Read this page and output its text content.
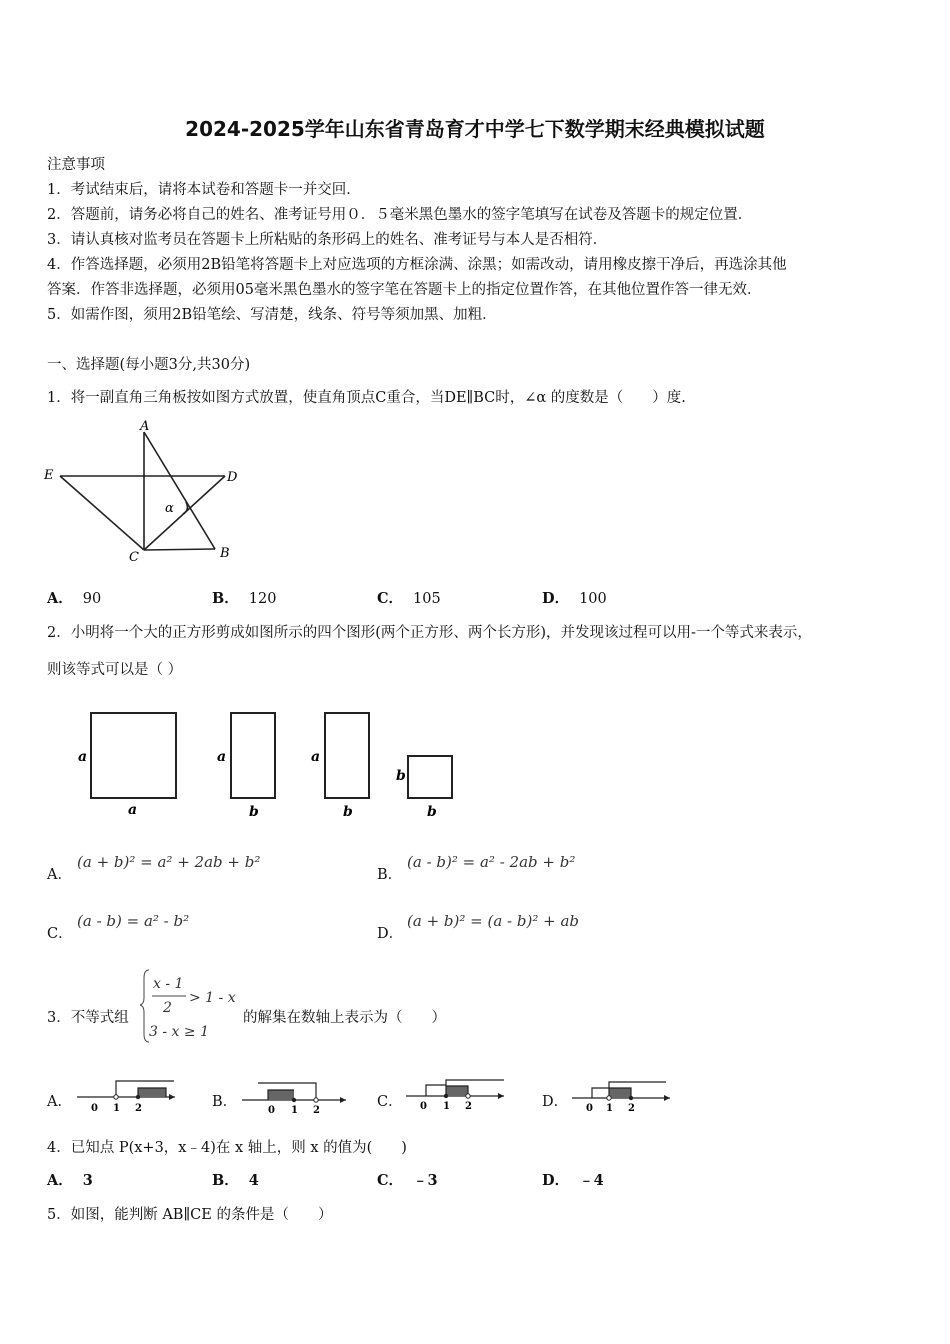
2024-2025学年山东省青岛育才中学七下数学期末经典模拟试题
注意事项
1．考试结束后，请将本试卷和答题卡一并交回．
2．答题前，请务必将自己的姓名、准考证号用０．５毫米黑色墨水的签字笔填写在试卷及答题卡的规定位置．
3．请认真核对监考员在答题卡上所粘贴的条形码上的姓名、准考证号与本人是否相符．
4．作答选择题，必须用2B铅笔将答题卡上对应选项的方框涂满、涂黑；如需改动，请用橡皮擦干净后，再选涂其他
答案．作答非选择题，必须用05毫米黑色墨水的签字笔在答题卡上的指定位置作答，在其他位置作答一律无效．
5．如需作图，须用2B铅笔绘、写清楚，线条、符号等须加黑、加粗．
一、选择题(每小题3分,共30分)
1．将一副直角三角板按如图方式放置，使直角顶点C重合，当DE∥BC时，∠α 的度数是（　　）度.
A
E	D
C	B
α
A． 90	B． 120	C． 105	D． 100
2．小明将一个大的正方形剪成如图所示的四个图形(两个正方形、两个长方形)，并发现该过程可以用-一个等式来表示，
则该等式可以是（ ）
a
a
a
b
a
b
b
b
A．
(a + b)² = a² + 2ab + b²
B．
(a - b)² = a² - 2ab + b²
C．
(a - b) = a² - b²
D．
(a + b)² = (a - b)² + ab
3．不等式组
x - 1
2
> 1 - x
3 - x ≥ 1
的解集在数轴上表示为（　　）
A． 0 1 2	B．
0 1 2
C． 0 1 2	D． 0 1 2
4．已知点 P(x+3，x﹣4)在 x 轴上，则 x 的值为(　　)
A． 3	B． 4	C． ﹣3	D． ﹣4
5．如图，能判断 AB∥CE 的条件是（　　）
